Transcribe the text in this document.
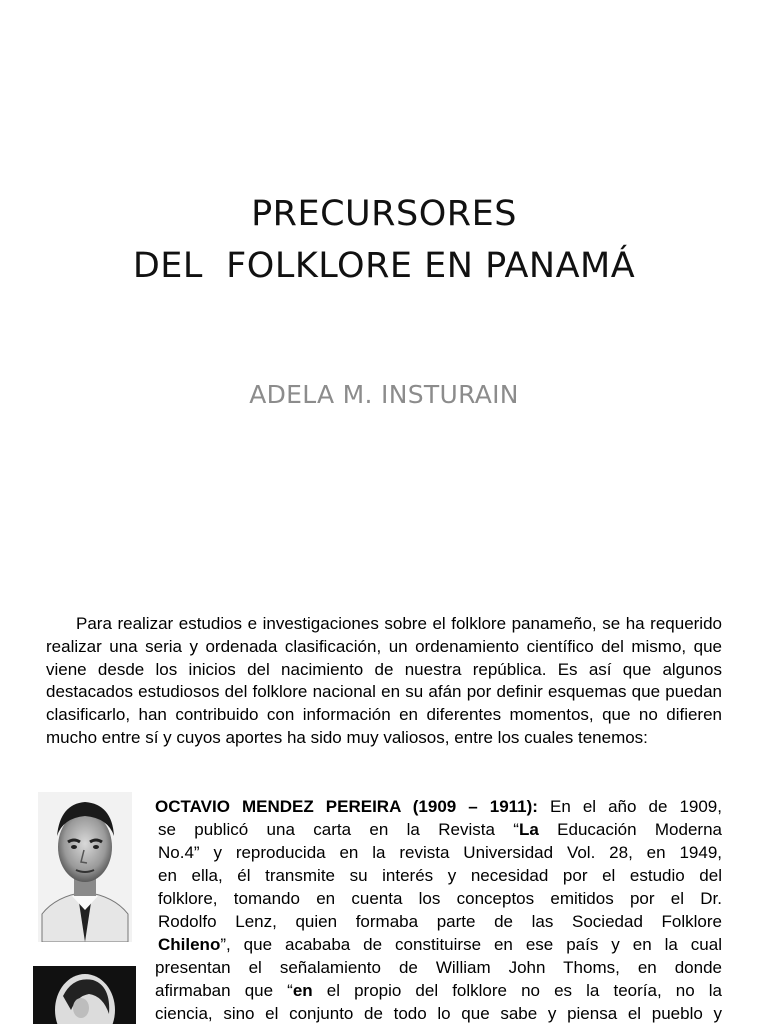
PRECURSORES
DEL  FOLKLORE EN PANAMÁ
ADELA M. INSTURAIN

Para realizar estudios e investigaciones sobre el folklore panameño, se ha requerido realizar una seria y ordenada clasificación, un ordenamiento científico del mismo, que viene desde los inicios del nacimiento de nuestra república. Es así que algunos destacados estudiosos del folklore nacional en su afán por definir esquemas que puedan clasificarlo, han contribuido con información en diferentes momentos, que no difieren mucho entre sí y cuyos aportes ha sido muy valiosos, entre los cuales tenemos:

OCTAVIO MENDEZ PEREIRA (1909 – 1911): En el año de 1909,
se publicó una carta en la Revista “La Educación Moderna
No.4” y reproducida en la revista Universidad Vol. 28, en 1949,
en ella, él transmite su interés y necesidad por el estudio del
folklore, tomando en cuenta los conceptos emitidos por el Dr.
Rodolfo Lenz, quien formaba parte de las Sociedad Folklore
Chileno”, que acababa de constituirse en ese país y en la cual
presentan el señalamiento de William John Thoms, en donde
afirmaban que “en el propio del folklore no es la teoría, no la
ciencia, sino el conjunto de todo lo que sabe y piensa el pueblo y
